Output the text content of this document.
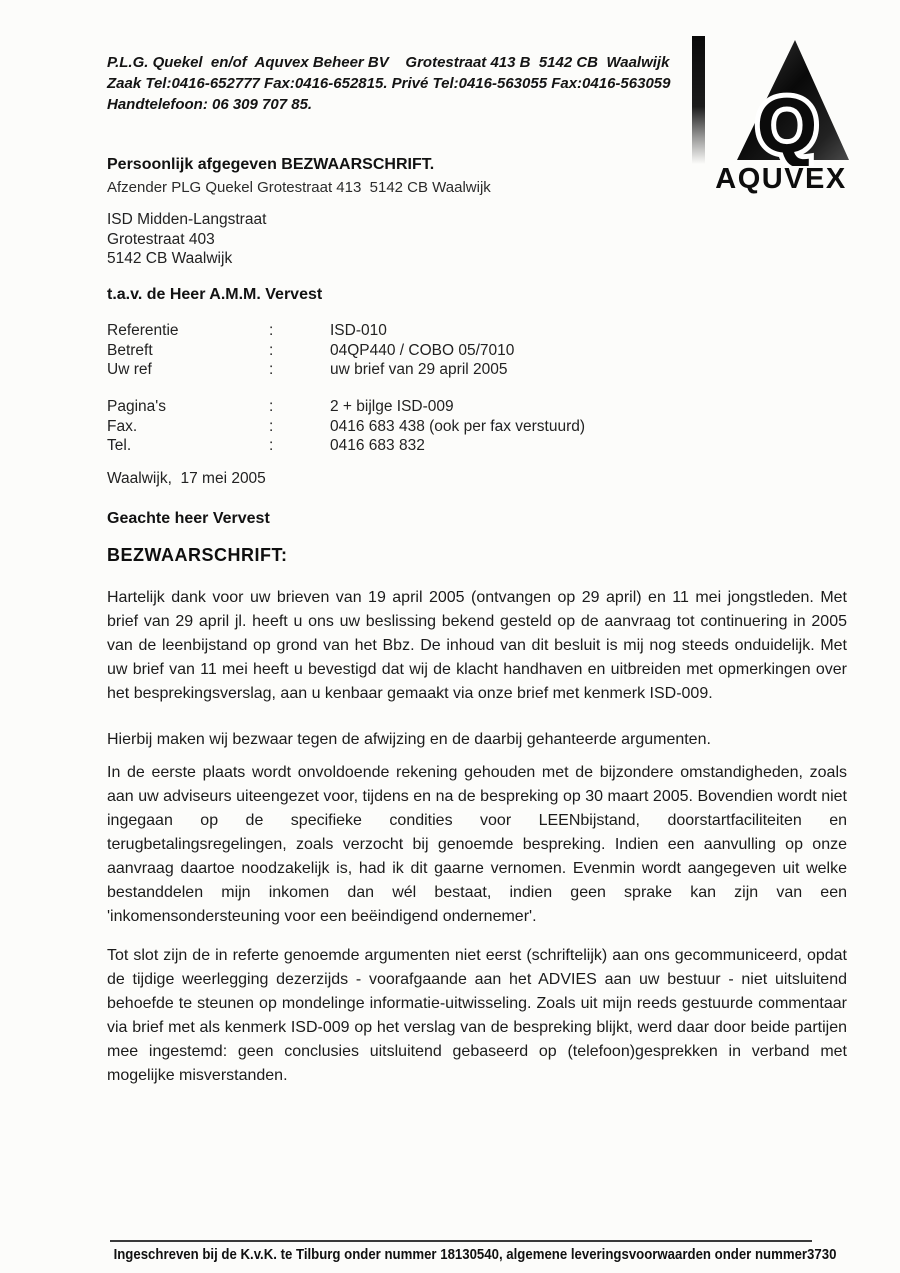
P.L.G. Quekel  en/of  Aquvex Beheer BV    Grotestraat 413 B  5142 CB  Waalwijk
Zaak Tel:0416-652777 Fax:0416-652815. Privé Tel:0416-563055 Fax:0416-563059
Handtelefoon: 06 309 707 85.	Q
AQUVEX
Persoonlijk afgegeven BEZWAARSCHRIFT.
Afzender PLG Quekel Grotestraat 413  5142 CB Waalwijk
ISD Midden-Langstraat
Grotestraat 403
5142 CB Waalwijk
t.a.v. de Heer A.M.M. Vervest
Referentie	:	ISD-010
Betreft	:	04QP440 / COBO 05/7010
Uw ref	:	uw brief van 29 april 2005
Pagina's	:	2 + bijlge ISD-009
Fax.	:	0416 683 438 (ook per fax verstuurd)
Tel.	:	0416 683 832
Waalwijk,  17 mei 2005
Geachte heer Vervest
BEZWAARSCHRIFT:

Hartelijk dank voor uw brieven van 19 april 2005 (ontvangen op 29 april) en 11 mei jongstleden. Met brief van 29 april jl. heeft u ons uw beslissing bekend gesteld op de aanvraag tot continuering in 2005 van de leenbijstand op grond van het Bbz. De inhoud van dit besluit is mij nog steeds onduidelijk. Met uw brief van 11 mei heeft u bevestigd dat wij de klacht handhaven en uitbreiden met opmerkingen over het besprekingsverslag, aan u kenbaar gemaakt via onze brief met kenmerk ISD-009.

Hierbij maken wij bezwaar tegen de afwijzing en de daarbij gehanteerde argumenten.

In de eerste plaats wordt onvoldoende rekening gehouden met de bijzondere omstandigheden, zoals aan uw adviseurs uiteengezet voor, tijdens en na de bespreking op 30 maart 2005. Bovendien wordt niet ingegaan op de specifieke condities voor LEENbijstand, doorstartfaciliteiten en terugbetalingsregelingen, zoals verzocht bij genoemde bespreking. Indien een aanvulling op onze aanvraag daartoe noodzakelijk is, had ik dit gaarne vernomen. Evenmin wordt aangegeven uit welke bestanddelen mijn inkomen dan wél bestaat, indien geen sprake kan zijn van een 'inkomensondersteuning voor een beëindigend ondernemer'.

Tot slot zijn de in referte genoemde argumenten niet eerst (schriftelijk) aan ons gecommuniceerd, opdat de tijdige weerlegging dezerzijds - voorafgaande aan het ADVIES aan uw bestuur - niet uitsluitend behoefde te steunen op mondelinge informatie-uitwisseling. Zoals uit mijn reeds gestuurde commentaar via brief met als kenmerk ISD-009 op het verslag van de bespreking blijkt, werd daar door beide partijen mee ingestemd: geen conclusies uitsluitend gebaseerd op (telefoon)gesprekken in verband met mogelijke misverstanden.

Ingeschreven bij de K.v.K. te Tilburg onder nummer 18130540, algemene leveringsvoorwaarden onder nummer3730
